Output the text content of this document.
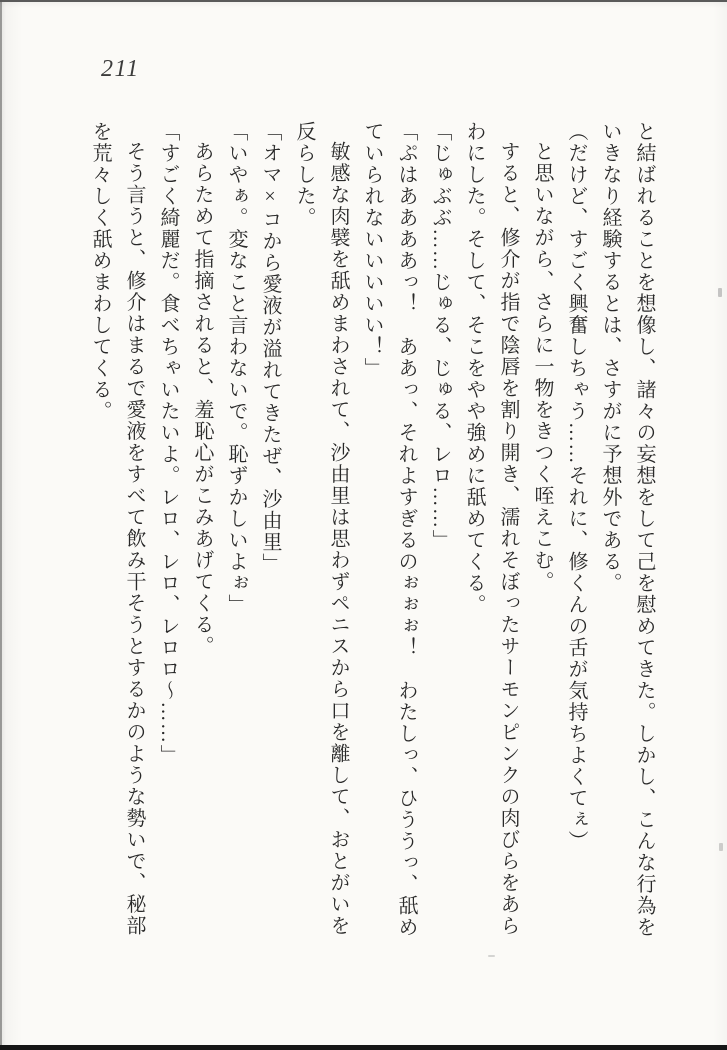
211

と結ばれることを想像し、諸々の妄想をして己を慰めてきた。しかし、こんな行為を

いきなり経験するとは、さすがに予想外である。

（だけど、すごく興奮しちゃう……それに、修くんの舌が気持ちよくてぇ）

と思いながら、さらに一物をきつく咥えこむ。

すると、修介が指で陰唇を割り開き、濡れそぼったサーモンピンクの肉びらをあら

わにした。そして、そこをやや強めに舐めてくる。

「じゅぶぶ……じゅる、じゅる、レロ……」

「ぷはああああっ！　ああっ、それよすぎるのぉぉぉ！　わたしっ、ひううっ、舐め

ていられないいいいい！」

敏感な肉襞を舐めまわされて、沙由里は思わずペニスから口を離して、おとがいを

反らした。

「オマ×コから愛液が溢れてきたぜ、沙由里」

「いやぁ。変なこと言わないで。恥ずかしいよぉ」

あらためて指摘されると、羞恥心がこみあげてくる。

「すごく綺麗だ。食べちゃいたいよ。レロ、レロ、レロロ～……」

そう言うと、修介はまるで愛液をすべて飲み干そうとするかのような勢いで、秘部

を荒々しく舐めまわしてくる。
